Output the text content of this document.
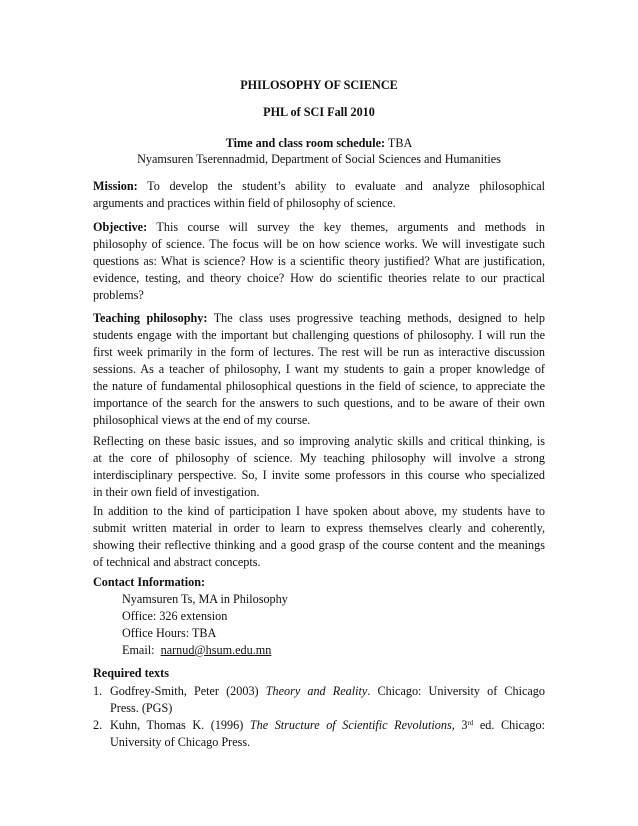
PHILOSOPHY OF SCIENCE
PHL of SCI Fall 2010
Time and class room schedule: TBA
Nyamsuren Tserennadmid, Department of Social Sciences and Humanities
Mission: To develop the student’s ability to evaluate and analyze philosophical
arguments and practices within field of philosophy of science.
Objective: This course will survey the key themes, arguments and methods in
philosophy of science. The focus will be on how science works. We will investigate such
questions as: What is science? How is a scientific theory justified? What are justification,
evidence, testing, and theory choice? How do scientific theories relate to our practical
problems?
Teaching philosophy: The class uses progressive teaching methods, designed to help
students engage with the important but challenging questions of philosophy. I will run the
first week primarily in the form of lectures. The rest will be run as interactive discussion
sessions. As a teacher of philosophy, I want my students to gain a proper knowledge of
the nature of fundamental philosophical questions in the field of science, to appreciate the
importance of the search for the answers to such questions, and to be aware of their own
philosophical views at the end of my course.
Reflecting on these basic issues, and so improving analytic skills and critical thinking, is
at the core of philosophy of science. My teaching philosophy will involve a strong
interdisciplinary perspective. So, I invite some professors in this course who specialized
in their own field of investigation.
In addition to the kind of participation I have spoken about above, my students have to
submit written material in order to learn to express themselves clearly and coherently,
showing their reflective thinking and a good grasp of the course content and the meanings
of technical and abstract concepts.
Contact Information:
Nyamsuren Ts, MA in Philosophy
Office: 326 extension
Office Hours: TBA
Email: narnud@hsum.edu.mn
Required texts
1. Godfrey-Smith, Peter (2003) Theory and Reality. Chicago: University of Chicago
Press. (PGS)
2. Kuhn, Thomas K. (1996) The Structure of Scientific Revolutions, 3rd ed. Chicago:
University of Chicago Press.
